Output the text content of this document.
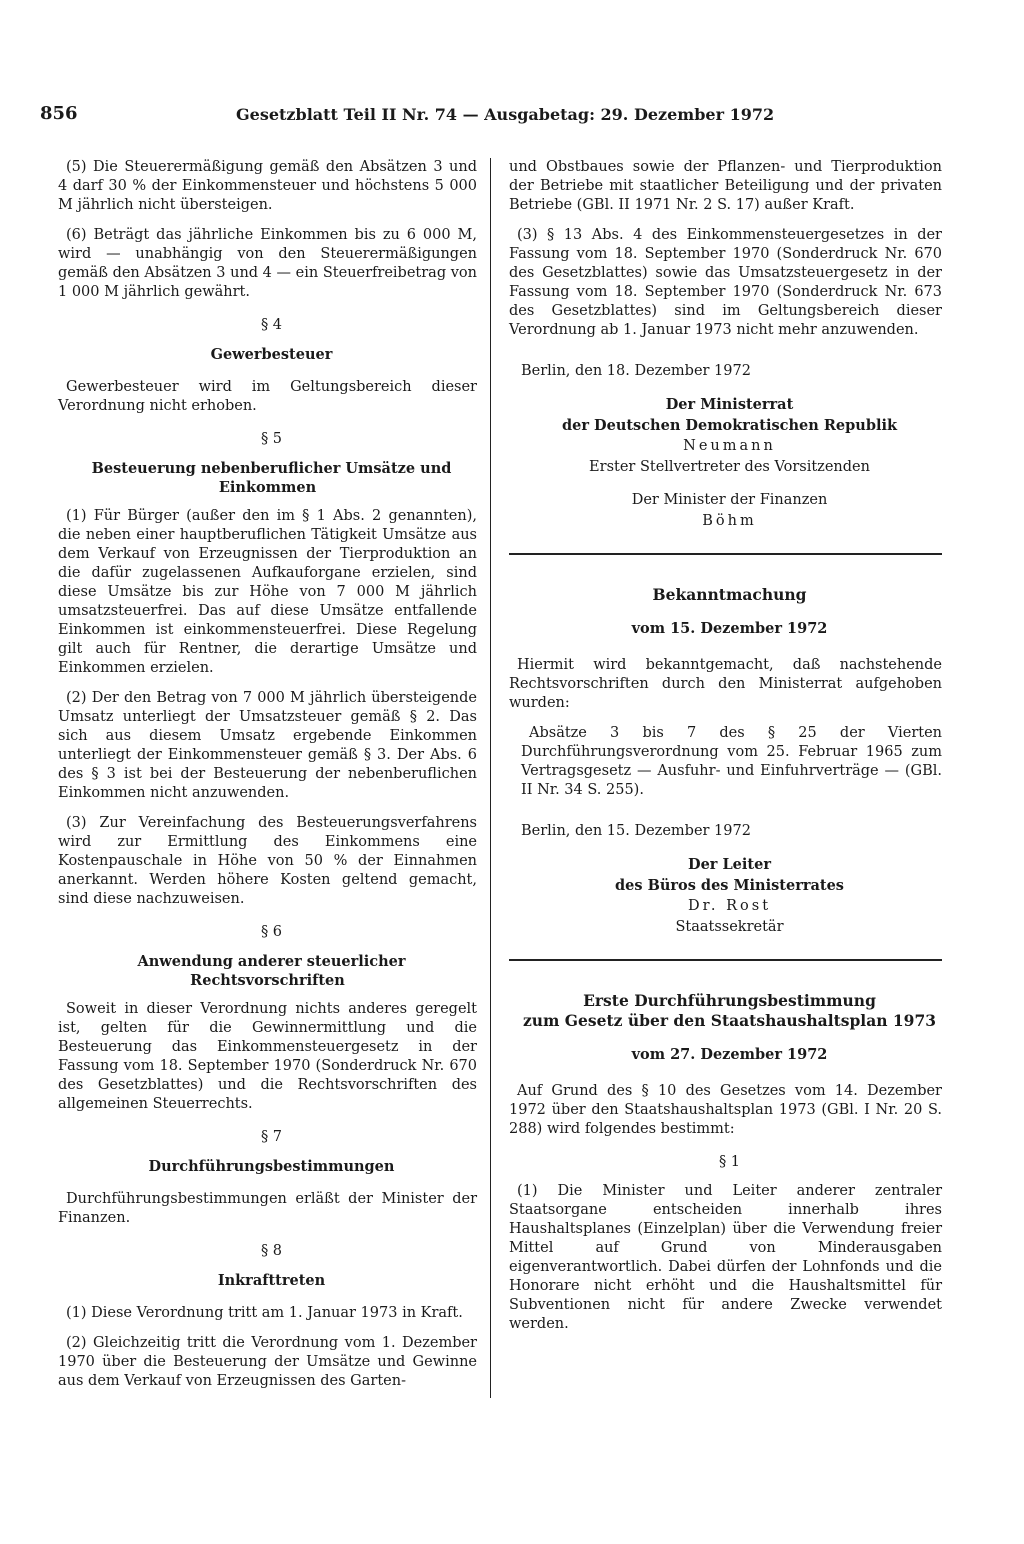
856	Gesetzblatt Teil II Nr. 74 — Ausgabetag: 29. Dezember 1972

(5) Die Steuerermäßigung gemäß den Absätzen 3 und 4 darf 30 % der Einkommensteuer und höchstens 5 000 M jährlich nicht übersteigen.

(6) Beträgt das jährliche Einkommen bis zu 6 000 M, wird — unabhängig von den Steuerermäßigungen gemäß den Absätzen 3 und 4 — ein Steuerfreibetrag von 1 000 M jährlich gewährt.

§ 4

Gewerbesteuer

Gewerbesteuer wird im Geltungsbereich dieser Verordnung nicht erhoben.

§ 5

Besteuerung nebenberuflicher Umsätze und Einkommen

(1) Für Bürger (außer den im § 1 Abs. 2 genannten), die neben einer hauptberuflichen Tätigkeit Umsätze aus dem Verkauf von Erzeugnissen der Tierproduktion an die dafür zugelassenen Aufkauforgane erzielen, sind diese Umsätze bis zur Höhe von 7 000 M jährlich umsatzsteuerfrei. Das auf diese Umsätze entfallende Einkommen ist einkommensteuerfrei. Diese Regelung gilt auch für Rentner, die derartige Umsätze und Einkommen erzielen.

(2) Der den Betrag von 7 000 M jährlich übersteigende Umsatz unterliegt der Umsatzsteuer gemäß § 2. Das sich aus diesem Umsatz ergebende Einkommen unterliegt der Einkommensteuer gemäß § 3. Der Abs. 6 des § 3 ist bei der Besteuerung der nebenberuflichen Einkommen nicht anzuwenden.

(3) Zur Vereinfachung des Besteuerungsverfahrens wird zur Ermittlung des Einkommens eine Kostenpauschale in Höhe von 50 % der Einnahmen anerkannt. Werden höhere Kosten geltend gemacht, sind diese nachzuweisen.

§ 6

Anwendung anderer steuerlicher Rechtsvorschriften

Soweit in dieser Verordnung nichts anderes geregelt ist, gelten für die Gewinnermittlung und die Besteuerung das Einkommensteuergesetz in der Fassung vom 18. September 1970 (Sonderdruck Nr. 670 des Gesetzblattes) und die Rechtsvorschriften des allgemeinen Steuerrechts.

§ 7

Durchführungsbestimmungen

Durchführungsbestimmungen erläßt der Minister der Finanzen.

§ 8

Inkrafttreten

(1) Diese Verordnung tritt am 1. Januar 1973 in Kraft.

(2) Gleichzeitig tritt die Verordnung vom 1. Dezember 1970 über die Besteuerung der Umsätze und Gewinne aus dem Verkauf von Erzeugnissen des Garten-

und Obstbaues sowie der Pflanzen- und Tierproduktion der Betriebe mit staatlicher Beteiligung und der privaten Betriebe (GBl. II 1971 Nr. 2 S. 17) außer Kraft.

(3) § 13 Abs. 4 des Einkommensteuergesetzes in der Fassung vom 18. September 1970 (Sonderdruck Nr. 670 des Gesetzblattes) sowie das Umsatzsteuergesetz in der Fassung vom 18. September 1970 (Sonderdruck Nr. 673 des Gesetzblattes) sind im Geltungsbereich dieser Verordnung ab 1. Januar 1973 nicht mehr anzuwenden.

Berlin, den 18. Dezember 1972

Der Ministerrat

der Deutschen Demokratischen Republik

Neumann

Erster Stellvertreter des Vorsitzenden

Der Minister der Finanzen

Böhm

Bekanntmachung

vom 15. Dezember 1972

Hiermit wird bekanntgemacht, daß nachstehende Rechtsvorschriften durch den Ministerrat aufgehoben wurden:

Absätze 3 bis 7 des § 25 der Vierten Durchführungsverordnung vom 25. Februar 1965 zum Vertragsgesetz — Ausfuhr- und Einfuhrverträge — (GBl. II Nr. 34 S. 255).

Berlin, den 15. Dezember 1972

Der Leiter

des Büros des Ministerrates

Dr. Rost

Staatssekretär

Erste Durchführungsbestimmung

zum Gesetz über den Staatshaushaltsplan 1973

vom 27. Dezember 1972

Auf Grund des § 10 des Gesetzes vom 14. Dezember 1972 über den Staatshaushaltsplan 1973 (GBl. I Nr. 20 S. 288) wird folgendes bestimmt:

§ 1

(1) Die Minister und Leiter anderer zentraler Staatsorgane entscheiden innerhalb ihres Haushaltsplanes (Einzelplan) über die Verwendung freier Mittel auf Grund von Minderausgaben eigenverantwortlich. Dabei dürfen der Lohnfonds und die Honorare nicht erhöht und die Haushaltsmittel für Subventionen nicht für andere Zwecke verwendet werden.
